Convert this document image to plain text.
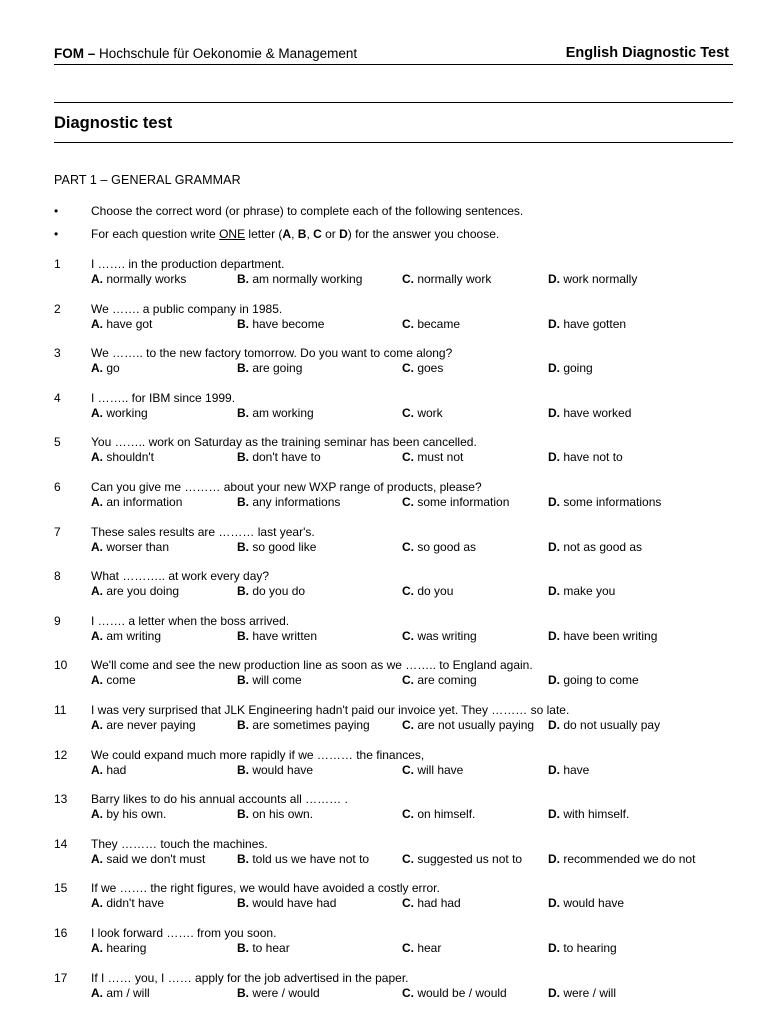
FOM – Hochschule für Oekonomie & Management	English Diagnostic Test
Diagnostic test
PART 1 – GENERAL GRAMMAR
•	Choose the correct word (or phrase) to complete each of the following sentences.
•	For each question write ONE letter (A, B, C or D) for the answer you choose.
1	I ……. in the production department.
A. normally works	B. am normally working	C. normally work	D. work normally
2	We ……. a public company in 1985.
A. have got	B. have become	C. became	D. have gotten
3	We …….. to the new factory tomorrow. Do you want to come along?
A. go	B. are going	C. goes	D. going
4	I …….. for IBM since 1999.
A. working	B. am working	C. work	D. have worked
5	You …….. work on Saturday as the training seminar has been cancelled.
A. shouldn't	B. don't have to	C. must not	D. have not to
6	Can you give me ……… about your new WXP range of products, please?
A. an information	B. any informations	C. some information	D. some informations
7	These sales results are ……… last year's.
A. worser than	B. so good like	C. so good as	D. not as good as
8	What ……….. at work every day?
A. are you doing	B. do you do	C. do you	D. make you
9	I ……. a letter when the boss arrived.
A. am writing	B. have written	C. was writing	D. have been writing
10 We'll come and see the new production line as soon as we …….. to England again.
A. come	B. will come	C. are coming	D. going to come
11 I was very surprised that JLK Engineering hadn't paid our invoice yet. They ……… so late.
A. are never paying	B. are sometimes paying	C. are not usually paying D. do not usually pay
12 We could expand much more rapidly if we ……… the finances,
A. had	B. would have	C. will have	D. have
13 Barry likes to do his annual accounts all ……… .
A. by his own.	B. on his own.	C. on himself.	D. with himself.
14 They ……… touch the machines.
A. said we don't must	B. told us we have not to	C. suggested us not to D. recommended we do not
15 If we ……. the right figures, we would have avoided a costly error.
A. didn't have	B. would have had	C. had had	D. would have
16 I look forward ……. from you soon.
A. hearing	B. to hear	C. hear	D. to hearing
17 If I …… you, I …… apply for the job advertised in the paper.
A. am / will	B. were / would	C. would be / would	D. were / will
